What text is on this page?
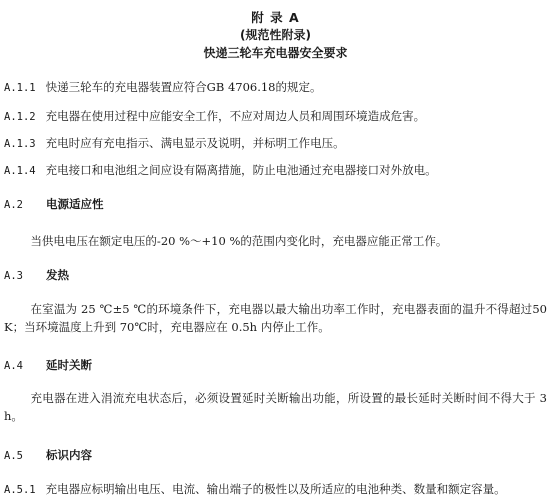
附 录 A
(规范性附录)
快递三轮车充电器安全要求
A.1.1 快递三轮车的充电器装置应符合GB 4706.18的规定。
A.1.2 充电器在使用过程中应能安全工作，不应对周边人员和周围环境造成危害。
A.1.3 充电时应有充电指示、满电显示及说明，并标明工作电压。
A.1.4 充电接口和电池组之间应设有隔离措施，防止电池通过充电器接口对外放电。
A.2 电源适应性
当供电电压在额定电压的-20 %～+10 %的范围内变化时，充电器应能正常工作。
A.3 发热
在室温为 25 ℃±5 ℃的环境条件下，充电器以最大输出功率工作时，充电器表面的温升不得超过50K；当环境温度上升到 70℃时，充电器应在 0.5h 内停止工作。
A.4 延时关断
充电器在进入涓流充电状态后，必须设置延时关断输出功能，所设置的最长延时关断时间不得大于 3 h。
A.5 标识内容
A.5.1 充电器应标明输出电压、电流、输出端子的极性以及所适应的电池种类、数量和额定容量。
